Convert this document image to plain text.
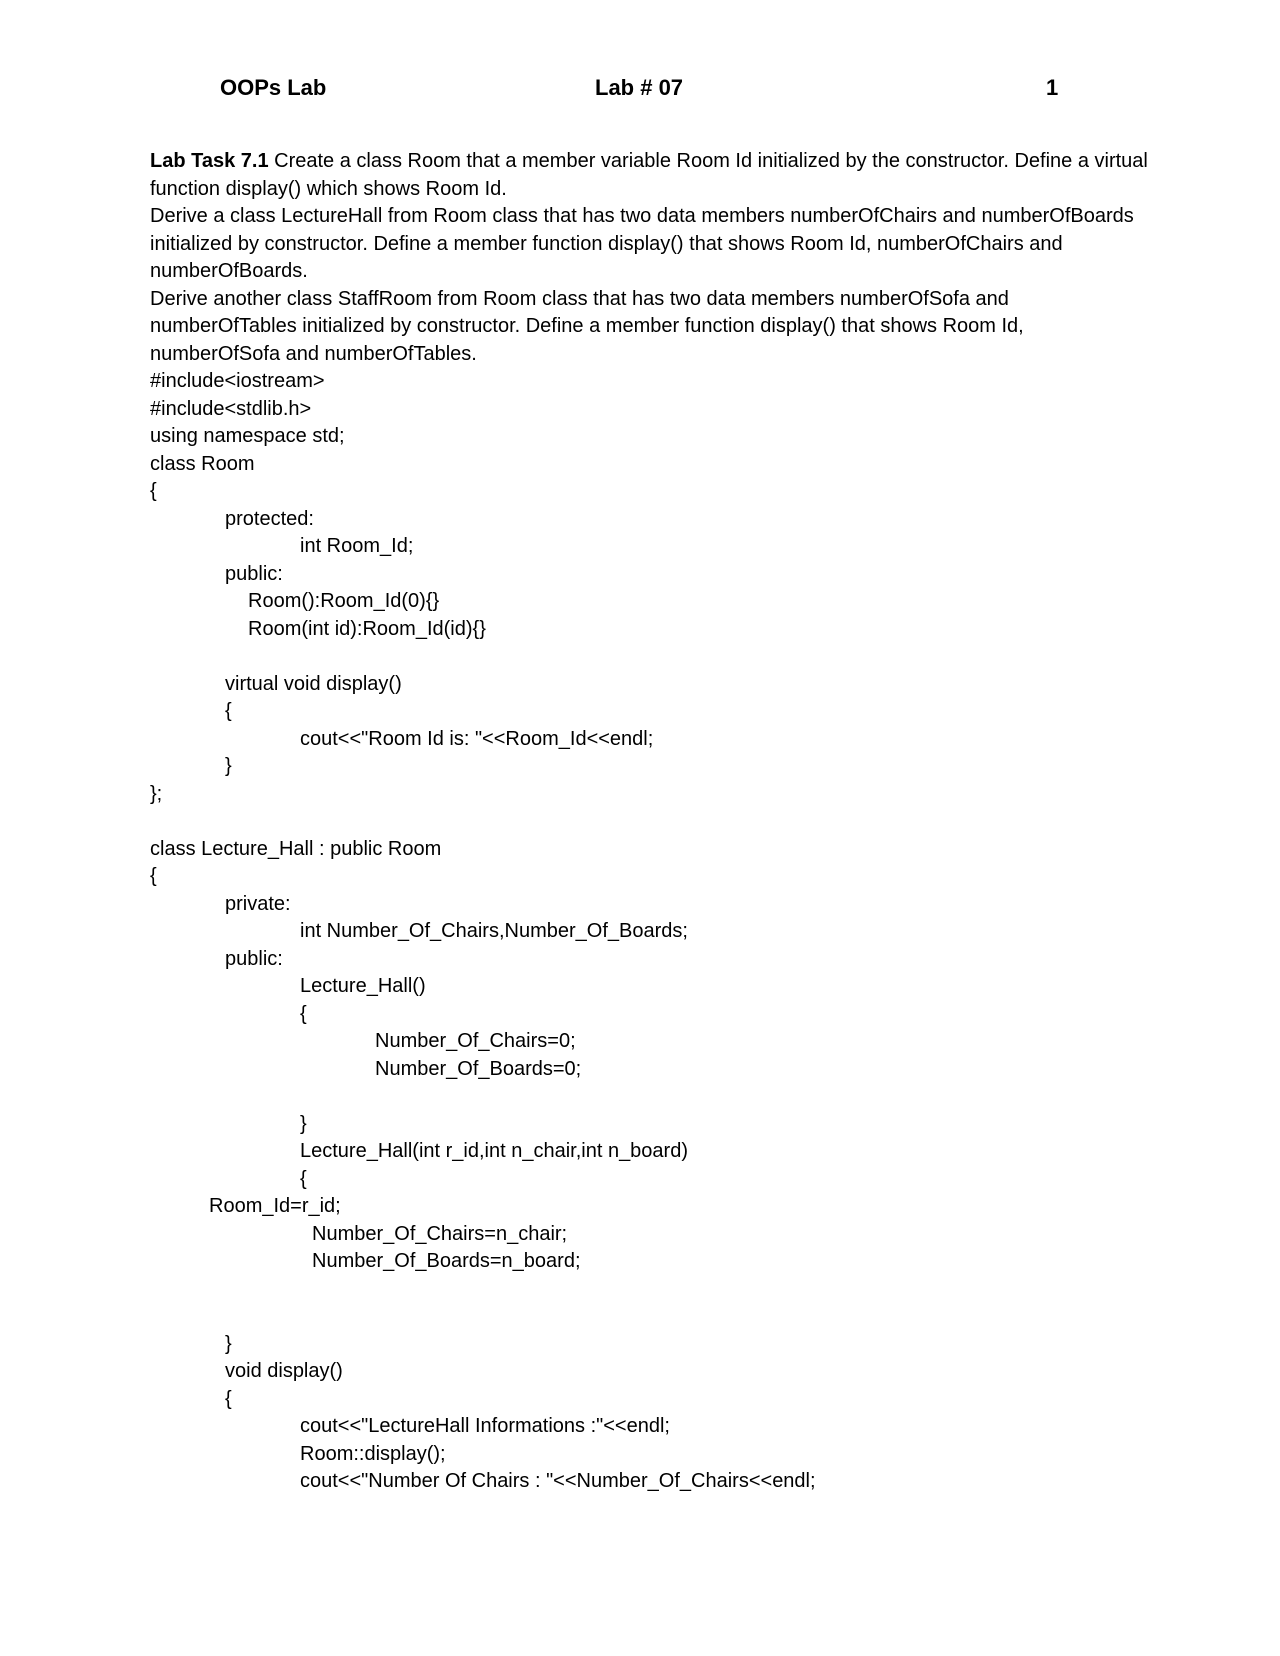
OOPs Lab	Lab # 07	1

Lab Task 7.1 Create a class Room that a member variable Room Id initialized by the constructor. Define a virtual function display() which shows Room Id.

Derive a class LectureHall from Room class that has two data members numberOfChairs and numberOfBoards initialized by constructor. Define a member function display() that shows Room Id, numberOfChairs and numberOfBoards.

Derive another class StaffRoom from Room class that has two data members numberOfSofa and numberOfTables initialized by constructor. Define a member function display() that shows Room Id, numberOfSofa and numberOfTables.

#include<iostream>
#include<stdlib.h>
using namespace std;
class Room
{
protected:
int Room_Id;
public:
Room():Room_Id(0){}
Room(int id):Room_Id(id){}
virtual void display()
{
cout<<"Room Id is: "<<Room_Id<<endl;
}
};
class Lecture_Hall : public Room
{
private:
int Number_Of_Chairs,Number_Of_Boards;
public:
Lecture_Hall()
{
Number_Of_Chairs=0;
Number_Of_Boards=0;
}
Lecture_Hall(int r_id,int n_chair,int n_board)
{
Room_Id=r_id;
Number_Of_Chairs=n_chair;
Number_Of_Boards=n_board;
}
void display()
{
cout<<"LectureHall Informations :"<<endl;
Room::display();
cout<<"Number Of Chairs : "<<Number_Of_Chairs<<endl;
